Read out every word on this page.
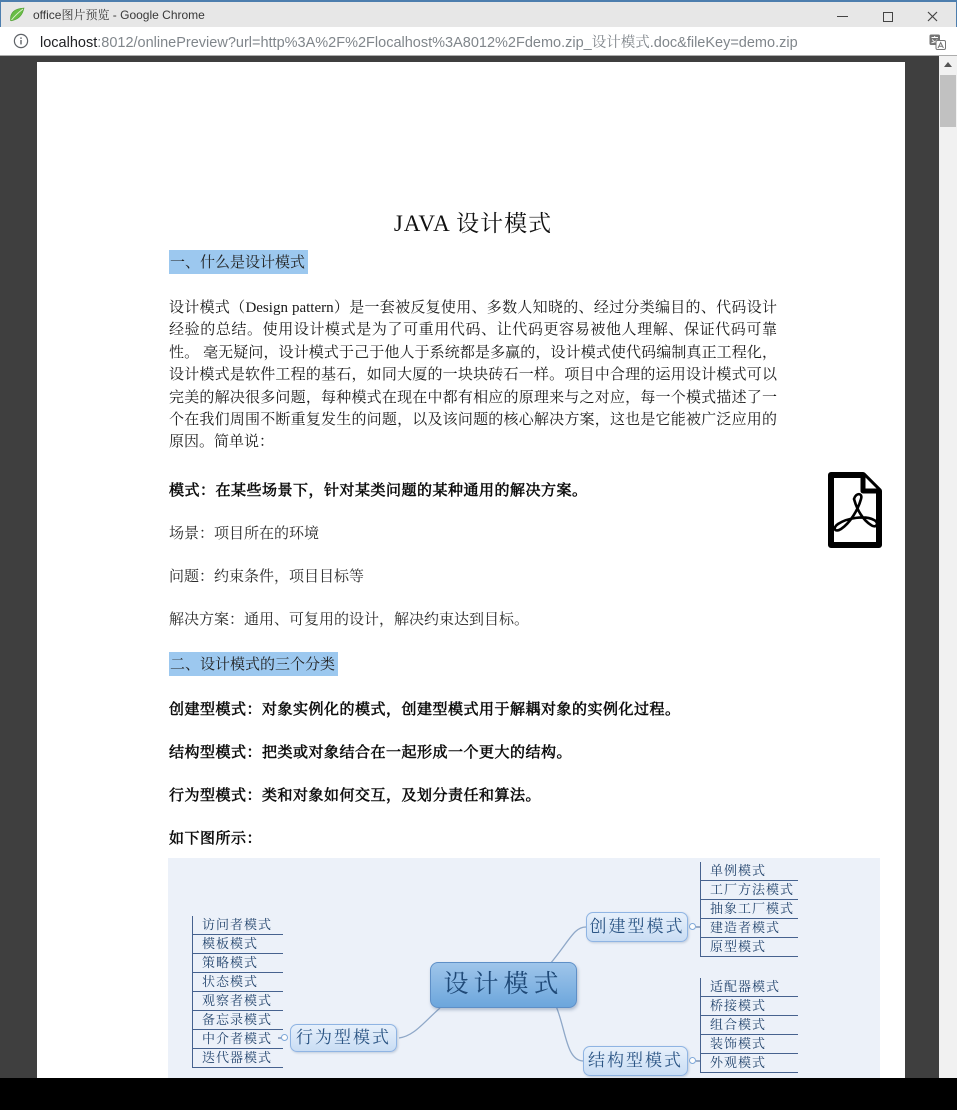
office图片预览 - Google Chrome
localhost:8012/onlinePreview?url=http%3A%2F%2Flocalhost%3A8012%2Fdemo.zip_设计模式.doc&fileKey=demo.zip
JAVA 设计模式
一、什么是设计模式
设计模式（Design pattern）是一套被反复使用、多数人知晓的、经过分类编目的、代码设计经验的总结。使用设计模式是为了可重用代码、让代码更容易被他人理解、保证代码可靠性。 毫无疑问，设计模式于己于他人于系统都是多赢的，设计模式使代码编制真正工程化，设计模式是软件工程的基石，如同大厦的一块块砖石一样。项目中合理的运用设计模式可以完美的解决很多问题，每种模式在现在中都有相应的原理来与之对应，每一个模式描述了一个在我们周围不断重复发生的问题，以及该问题的核心解决方案，这也是它能被广泛应用的原因。简单说：
模式：在某些场景下，针对某类问题的某种通用的解决方案。
场景：项目所在的环境
问题：约束条件，项目目标等
解决方案：通用、可复用的设计，解决约束达到目标。
二、设计模式的三个分类
创建型模式：对象实例化的模式，创建型模式用于解耦对象的实例化过程。
结构型模式：把类或对象结合在一起形成一个更大的结构。
行为型模式：类和对象如何交互，及划分责任和算法。
如下图所示：
设计模式
创建型模式
结构型模式
行为型模式
单例模式
工厂方法模式
抽象工厂模式
建造者模式
原型模式
适配器模式
桥接模式
组合模式
装饰模式
外观模式
访问者模式
模板模式
策略模式
状态模式
观察者模式
备忘录模式
中介者模式
迭代器模式
